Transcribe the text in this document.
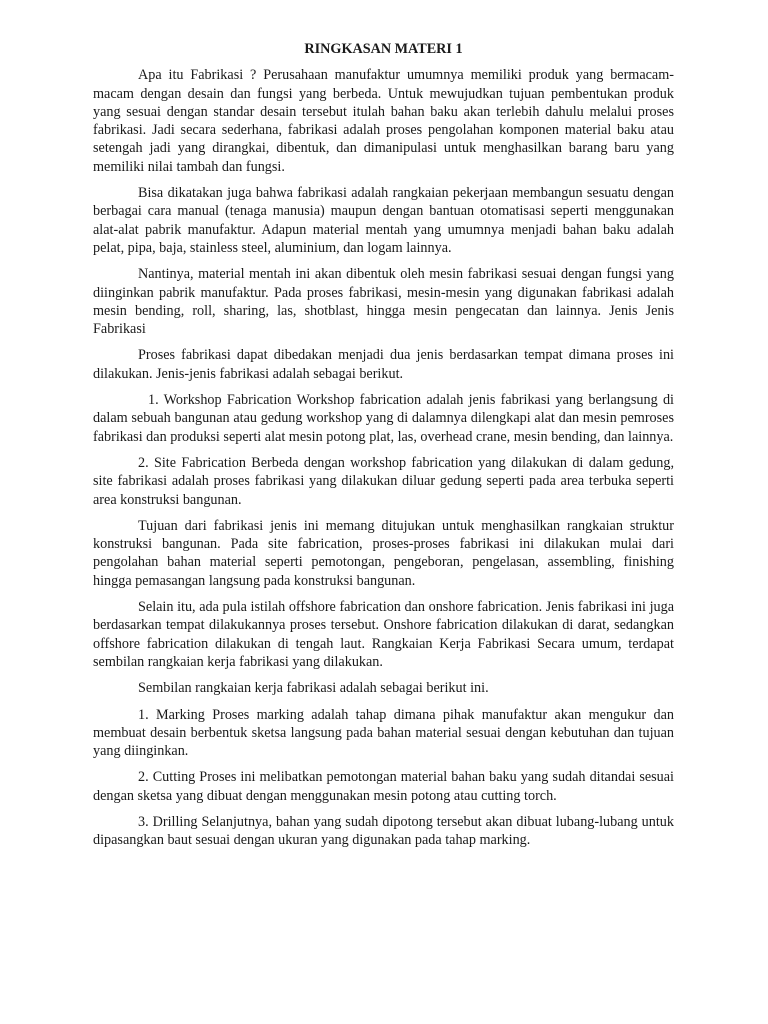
RINGKASAN MATERI 1

Apa itu Fabrikasi ? Perusahaan manufaktur umumnya memiliki produk yang bermacam-macam dengan desain dan fungsi yang berbeda. Untuk mewujudkan tujuan pembentukan produk yang sesuai dengan standar desain tersebut itulah bahan baku akan terlebih dahulu melalui proses fabrikasi. Jadi secara sederhana, fabrikasi adalah proses pengolahan komponen material baku atau setengah jadi yang dirangkai, dibentuk, dan dimanipulasi untuk menghasilkan barang baru yang memiliki nilai tambah dan fungsi.

Bisa dikatakan juga bahwa fabrikasi adalah rangkaian pekerjaan membangun sesuatu dengan berbagai cara manual (tenaga manusia) maupun dengan bantuan otomatisasi seperti menggunakan alat-alat pabrik manufaktur. Adapun material mentah yang umumnya menjadi bahan baku adalah pelat, pipa, baja, stainless steel, aluminium, dan logam lainnya.

Nantinya, material mentah ini akan dibentuk oleh mesin fabrikasi sesuai dengan fungsi yang diinginkan pabrik manufaktur. Pada proses fabrikasi, mesin-mesin yang digunakan fabrikasi adalah mesin bending, roll, sharing, las, shotblast, hingga mesin pengecatan dan lainnya. Jenis Jenis Fabrikasi

Proses fabrikasi dapat dibedakan menjadi dua jenis berdasarkan tempat dimana proses ini dilakukan. Jenis-jenis fabrikasi adalah sebagai berikut.

1. Workshop Fabrication Workshop fabrication adalah jenis fabrikasi yang berlangsung di dalam sebuah bangunan atau gedung workshop yang di dalamnya dilengkapi alat dan mesin pemroses fabrikasi dan produksi seperti alat mesin potong plat, las, overhead crane, mesin bending, dan lainnya.

2. Site Fabrication Berbeda dengan workshop fabrication yang dilakukan di dalam gedung, site fabrikasi adalah proses fabrikasi yang dilakukan diluar gedung seperti pada area terbuka seperti area konstruksi bangunan.

Tujuan dari fabrikasi jenis ini memang ditujukan untuk menghasilkan rangkaian struktur konstruksi bangunan. Pada site fabrication, proses-proses fabrikasi ini dilakukan mulai dari pengolahan bahan material seperti pemotongan, pengeboran, pengelasan, assembling, finishing hingga pemasangan langsung pada konstruksi bangunan.

Selain itu, ada pula istilah offshore fabrication dan onshore fabrication. Jenis fabrikasi ini juga berdasarkan tempat dilakukannya proses tersebut. Onshore fabrication dilakukan di darat, sedangkan offshore fabrication dilakukan di tengah laut. Rangkaian Kerja Fabrikasi Secara umum, terdapat sembilan rangkaian kerja fabrikasi yang dilakukan.

Sembilan rangkaian kerja fabrikasi adalah sebagai berikut ini.

1. Marking Proses marking adalah tahap dimana pihak manufaktur akan mengukur dan membuat desain berbentuk sketsa langsung pada bahan material sesuai dengan kebutuhan dan tujuan yang diinginkan.

2. Cutting Proses ini melibatkan pemotongan material bahan baku yang sudah ditandai sesuai dengan sketsa yang dibuat dengan menggunakan mesin potong atau cutting torch.

3. Drilling Selanjutnya, bahan yang sudah dipotong tersebut akan dibuat lubang-lubang untuk dipasangkan baut sesuai dengan ukuran yang digunakan pada tahap marking.
